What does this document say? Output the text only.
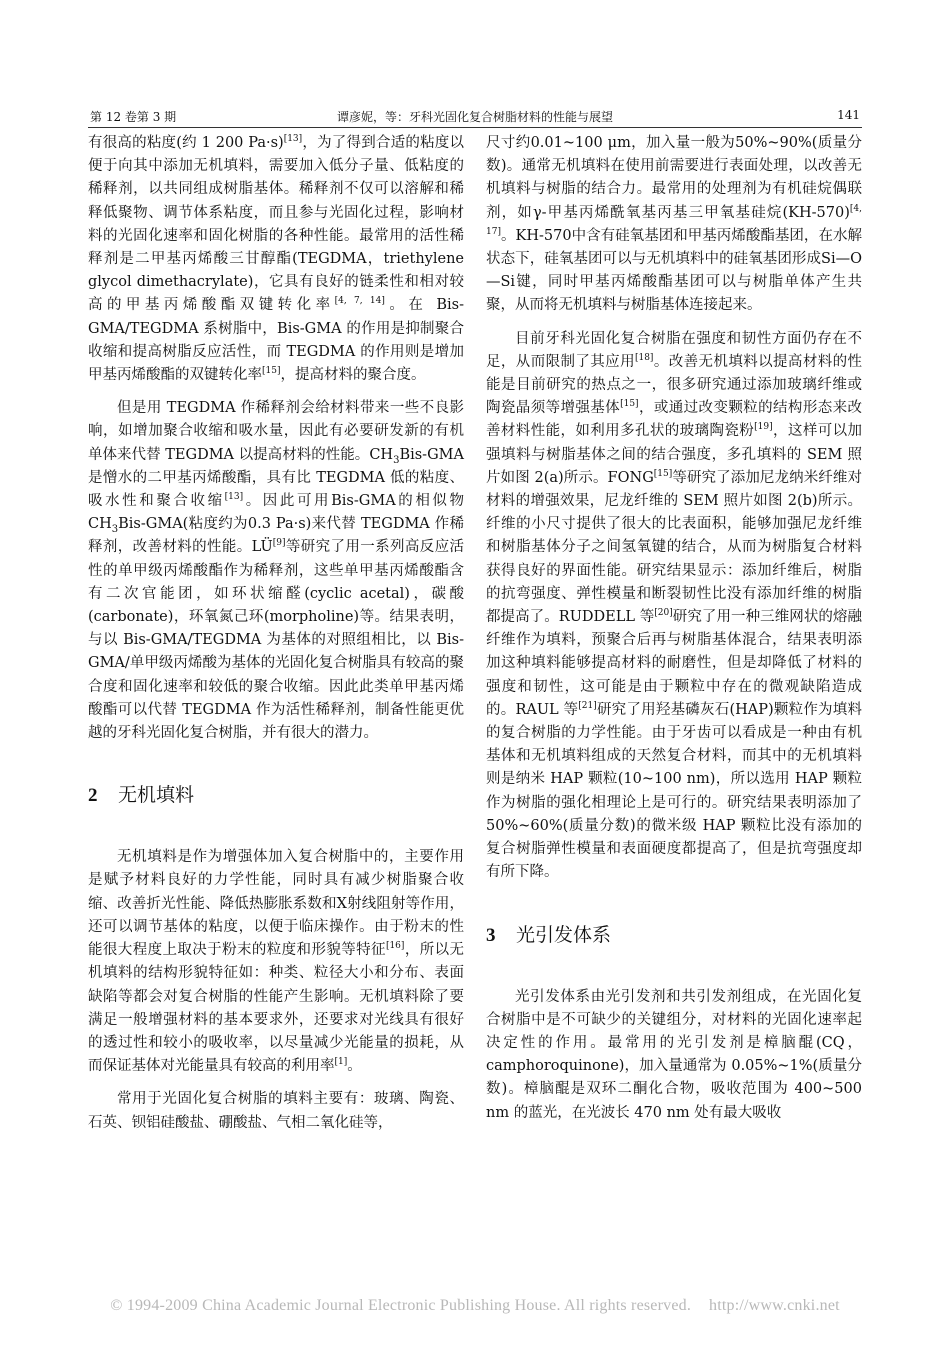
第 12 卷第 3 期	谭彦妮，等：牙科光固化复合树脂材料的性能与展望	141

有很高的粘度(约 1 200 Pa·s)[13]，为了得到合适的粘度以便于向其中添加无机填料，需要加入低分子量、低粘度的稀释剂，以共同组成树脂基体。稀释剂不仅可以溶解和稀释低聚物、调节体系粘度，而且参与光固化过程，影响材料的光固化速率和固化树脂的各种性能。最常用的活性稀释剂是二甲基丙烯酸三甘醇酯(TEGDMA，triethylene glycol dimethacrylate)，它具有良好的链柔性和相对较高的甲基丙烯酸酯双键转化率[4, 7, 14]。在 Bis-GMA/TEGDMA 系树脂中，Bis-GMA 的作用是抑制聚合收缩和提高树脂反应活性，而 TEGDMA 的作用则是增加甲基丙烯酸酯的双键转化率[15]，提高材料的聚合度。

但是用 TEGDMA 作稀释剂会给材料带来一些不良影响，如增加聚合收缩和吸水量，因此有必要研发新的有机单体来代替 TEGDMA 以提高材料的性能。$CH_3Bis$-GMA 是憎水的二甲基丙烯酸酯，具有比 TEGDMA 低的粘度、吸水性和聚合收缩[13]。因此可用Bis-GMA的相似物$CH_3Bis-GMA$(粘度约为0.3 Pa·s)来代替 TEGDMA 作稀释剂，改善材料的性能。LÜ[9]等研究了用一系列高反应活性的单甲级丙烯酸酯作为稀释剂，这些单甲基丙烯酸酯含有二次官能团，如环状缩醛(cyclic acetal)，碳酸(carbonate)，环氧氮己环(morpholine)等。结果表明，与以 Bis-GMA/TEGDMA 为基体的对照组相比，以 Bis-GMA/单甲级丙烯酸为基体的光固化复合树脂具有较高的聚合度和固化速率和较低的聚合收缩。因此此类单甲基丙烯酸酯可以代替 TEGDMA 作为活性稀释剂，制备性能更优越的牙科光固化复合树脂，并有很大的潜力。

2 无机填料

无机填料是作为增强体加入复合树脂中的，主要作用是赋予材料良好的力学性能，同时具有减少树脂聚合收缩、改善折光性能、降低热膨胀系数和X射线阻射等作用，还可以调节基体的粘度，以便于临床操作。由于粉末的性能很大程度上取决于粉末的粒度和形貌等特征[16]，所以无机填料的结构形貌特征如：种类、粒径大小和分布、表面缺陷等都会对复合树脂的性能产生影响。无机填料除了要满足一般增强材料的基本要求外，还要求对光线具有很好的透过性和较小的吸收率，以尽量减少光能量的损耗，从而保证基体对光能量具有较高的利用率[1]。

常用于光固化复合树脂的填料主要有：玻璃、陶瓷、石英、钡铝硅酸盐、硼酸盐、气相二氧化硅等，

尺寸约0.01~100 μm，加入量一般为50%~90%(质量分数)。通常无机填料在使用前需要进行表面处理，以改善无机填料与树脂的结合力。最常用的处理剂为有机硅烷偶联剂，如γ-甲基丙烯酰氧基丙基三甲氧基硅烷(KH-570)[4, 17]。KH-570中含有硅氧基团和甲基丙烯酸酯基团，在水解状态下，硅氧基团可以与无机填料中的硅氧基团形成Si—O—Si键，同时甲基丙烯酸酯基团可以与树脂单体产生共聚，从而将无机填料与树脂基体连接起来。

目前牙科光固化复合树脂在强度和韧性方面仍存在不足，从而限制了其应用[18]。改善无机填料以提高材料的性能是目前研究的热点之一，很多研究通过添加玻璃纤维或陶瓷晶须等增强基体[15]，或通过改变颗粒的结构形态来改善材料性能，如利用多孔状的玻璃陶瓷粉[19]，这样可以加强填料与树脂基体之间的结合强度，多孔填料的 SEM 照片如图 2(a)所示。FONG[15]等研究了添加尼龙纳米纤维对材料的增强效果，尼龙纤维的 SEM 照片如图 2(b)所示。纤维的小尺寸提供了很大的比表面积，能够加强尼龙纤维和树脂基体分子之间氢氧键的结合，从而为树脂复合材料获得良好的界面性能。研究结果显示：添加纤维后，树脂的抗弯强度、弹性模量和断裂韧性比没有添加纤维的树脂都提高了。RUDDELL 等[20]研究了用一种三维网状的熔融纤维作为填料，预聚合后再与树脂基体混合，结果表明添加这种填料能够提高材料的耐磨性，但是却降低了材料的强度和韧性，这可能是由于颗粒中存在的微观缺陷造成的。RAUL 等[21]研究了用羟基磷灰石(HAP)颗粒作为填料的复合树脂的力学性能。由于牙齿可以看成是一种由有机基体和无机填料组成的天然复合材料，而其中的无机填料则是纳米 HAP 颗粒(10~100 nm)，所以选用 HAP 颗粒作为树脂的强化相理论上是可行的。研究结果表明添加了 50%~60%(质量分数)的微米级 HAP 颗粒比没有添加的复合树脂弹性模量和表面硬度都提高了，但是抗弯强度却有所下降。

3 光引发体系

光引发体系由光引发剂和共引发剂组成，在光固化复合树脂中是不可缺少的关键组分，对材料的光固化速率起决定性的作用。最常用的光引发剂是樟脑醌(CQ，camphoroquinone)，加入量通常为 0.05%~1%(质量分数)。樟脑醌是双环二酮化合物，吸收范围为 400~500 nm 的蓝光，在光波长 470 nm 处有最大吸收

© 1994-2009 China Academic Journal Electronic Publishing House. All rights reserved. http://www.cnki.net
